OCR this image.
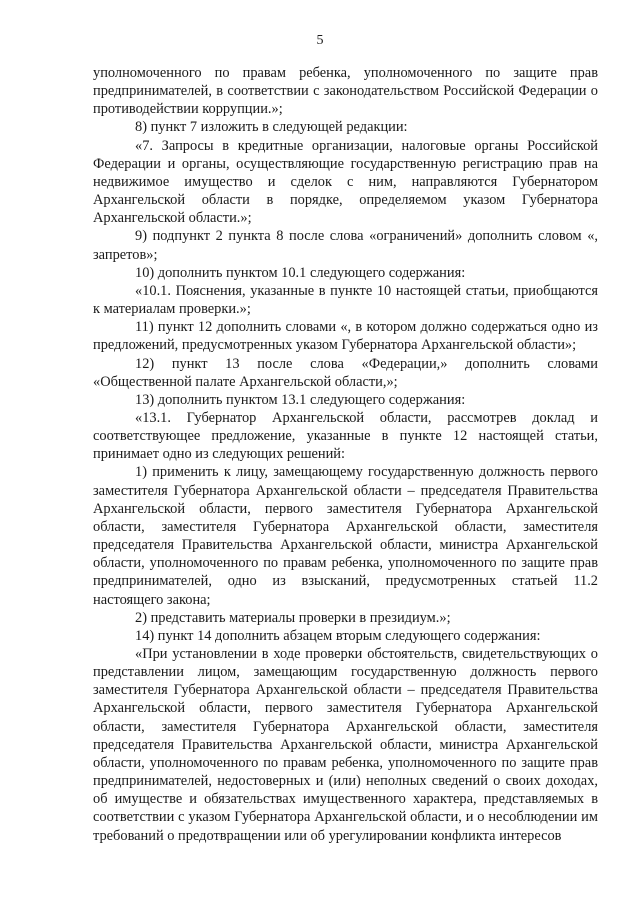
5

уполномоченного по правам ребенка, уполномоченного по защите прав предпринимателей, в соответствии с законодательством Российской Федерации о противодействии коррупции.»;

8) пункт 7 изложить в следующей редакции:

«7. Запросы в кредитные организации, налоговые органы Российской Федерации и органы, осуществляющие государственную регистрацию прав на недвижимое имущество и сделок с ним, направляются Губернатором Архангельской области в порядке, определяемом указом Губернатора Архангельской области.»;

9) подпункт 2 пункта 8 после слова «ограничений» дополнить словом «, запретов»;

10) дополнить пунктом 10.1 следующего содержания:

«10.1. Пояснения, указанные в пункте 10 настоящей статьи, приобщаются к материалам проверки.»;

11) пункт 12 дополнить словами «, в котором должно содержаться одно из предложений, предусмотренных указом Губернатора Архангельской области»;

12) пункт 13 после слова «Федерации,» дополнить словами «Общественной палате Архангельской области,»;

13) дополнить пунктом 13.1 следующего содержания:

«13.1. Губернатор Архангельской области, рассмотрев доклад и соответствующее предложение, указанные в пункте 12 настоящей статьи, принимает одно из следующих решений:

1) применить к лицу, замещающему государственную должность первого заместителя Губернатора Архангельской области – председателя Правительства Архангельской области, первого заместителя Губернатора Архангельской области, заместителя Губернатора Архангельской области, заместителя председателя Правительства Архангельской области, министра Архангельской области, уполномоченного по правам ребенка, уполномоченного по защите прав предпринимателей, одно из взысканий, предусмотренных статьей 11.2 настоящего закона;

2) представить материалы проверки в президиум.»;

14) пункт 14 дополнить абзацем вторым следующего содержания:

«При установлении в ходе проверки обстоятельств, свидетельствующих о представлении лицом, замещающим государственную должность первого заместителя Губернатора Архангельской области – председателя Правительства Архангельской области, первого заместителя Губернатора Архангельской области, заместителя Губернатора Архангельской области, заместителя председателя Правительства Архангельской области, министра Архангельской области, уполномоченного по правам ребенка, уполномоченного по защите прав предпринимателей, недостоверных и (или) неполных сведений о своих доходах, об имуществе и обязательствах имущественного характера, представляемых в соответствии с указом Губернатора Архангельской области, и о несоблюдении им требований о предотвращении или об урегулировании конфликта интересов
